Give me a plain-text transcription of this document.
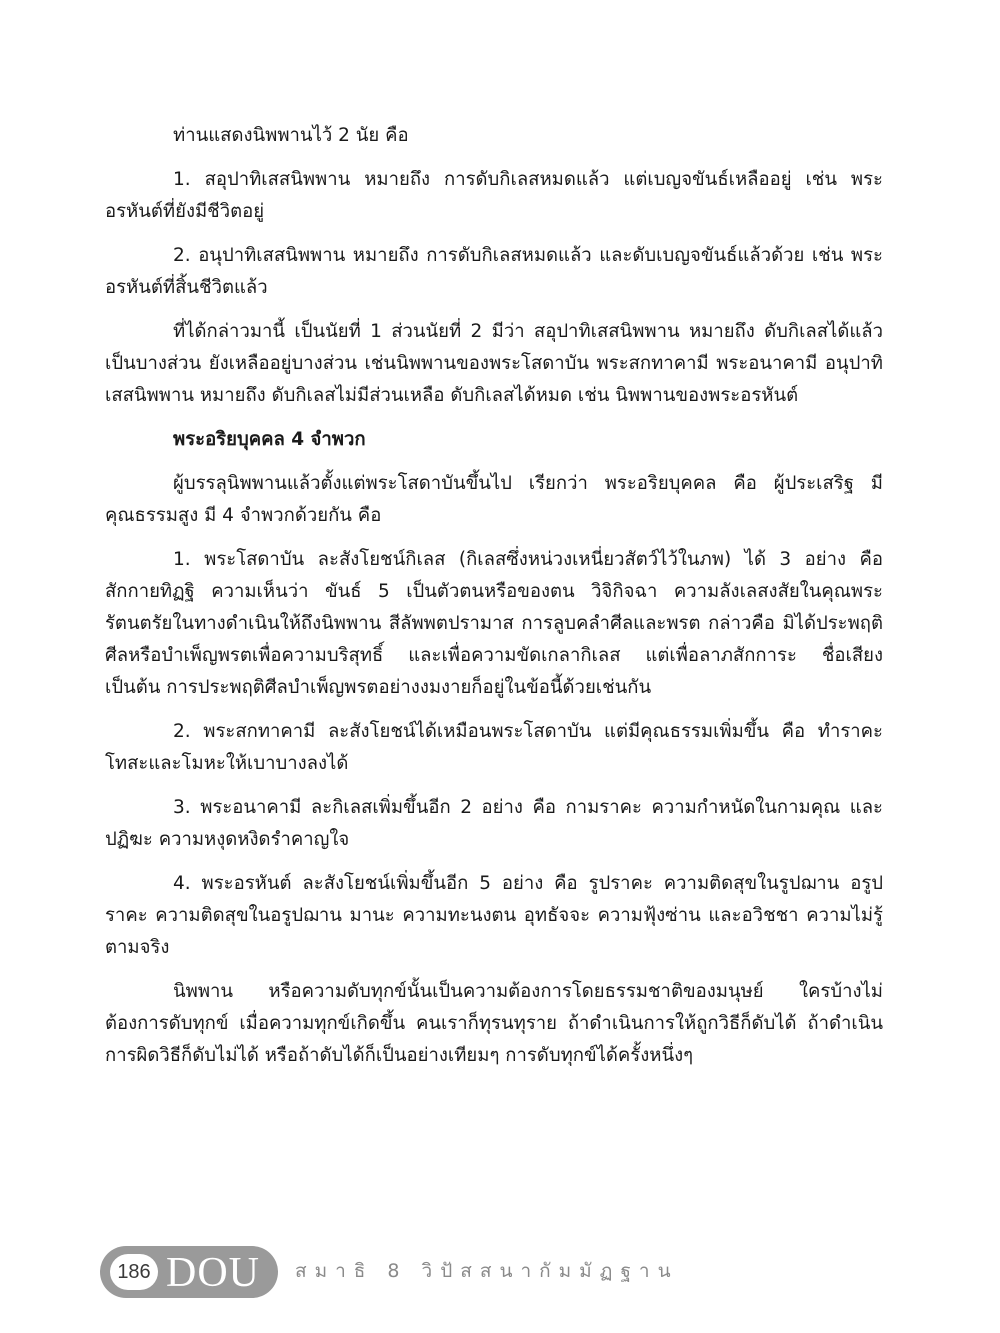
ท่านแสดงนิพพานไว้ 2 นัย คือ

1. สอุปาทิเสสนิพพาน หมายถึง การดับกิเลสหมดแล้ว แต่เบญจขันธ์เหลืออยู่ เช่น พระอรหันต์ที่ยังมีชีวิตอยู่

2. อนุปาทิเสสนิพพาน หมายถึง การดับกิเลสหมดแล้ว และดับเบญจขันธ์แล้วด้วย เช่น พระอรหันต์ที่สิ้นชีวิตแล้ว

ที่ได้กล่าวมานี้ เป็นนัยที่ 1 ส่วนนัยที่ 2 มีว่า สอุปาทิเสสนิพพาน หมายถึง ดับกิเลสได้แล้วเป็นบางส่วน ยังเหลืออยู่บางส่วน เช่นนิพพานของพระโสดาบัน พระสกทาคามี พระอนาคามี อนุปาทิเสสนิพพาน หมายถึง ดับกิเลสไม่มีส่วนเหลือ ดับกิเลสได้หมด เช่น นิพพานของพระอรหันต์

พระอริยบุคคล 4 จำพวก

ผู้บรรลุนิพพานแล้วตั้งแต่พระโสดาบันขึ้นไป เรียกว่า พระอริยบุคคล คือ ผู้ประเสริฐ มีคุณธรรมสูง มี 4 จำพวกด้วยกัน คือ

1. พระโสดาบัน ละสังโยชน์กิเลส (กิเลสซึ่งหน่วงเหนี่ยวสัตว์ไว้ในภพ) ได้ 3 อย่าง คือ สักกายทิฏฐิ ความเห็นว่า ขันธ์ 5 เป็นตัวตนหรือของตน วิจิกิจฉา ความลังเลสงสัยในคุณพระรัตนตรัยในทางดำเนินให้ถึงนิพพาน สีลัพพตปรามาส การลูบคลำศีลและพรต กล่าวคือ มิได้ประพฤติศีลหรือบำเพ็ญพรตเพื่อความบริสุทธิ์ และเพื่อความขัดเกลากิเลส แต่เพื่อลาภสักการะ ชื่อเสียง เป็นต้น การประพฤติศีลบำเพ็ญพรตอย่างงมงายก็อยู่ในข้อนี้ด้วยเช่นกัน

2. พระสกทาคามี ละสังโยชน์ได้เหมือนพระโสดาบัน แต่มีคุณธรรมเพิ่มขึ้น คือ ทำราคะ โทสะและโมหะให้เบาบางลงได้

3. พระอนาคามี ละกิเลสเพิ่มขึ้นอีก 2 อย่าง คือ กามราคะ ความกำหนัดในกามคุณ และปฏิฆะ ความหงุดหงิดรำคาญใจ

4. พระอรหันต์ ละสังโยชน์เพิ่มขึ้นอีก 5 อย่าง คือ รูปราคะ ความติดสุขในรูปฌาน อรูปราคะ ความติดสุขในอรูปฌาน มานะ ความทะนงตน อุทธัจจะ ความฟุ้งซ่าน และอวิชชา ความไม่รู้ตามจริง

นิพพาน หรือความดับทุกข์นั้นเป็นความต้องการโดยธรรมชาติของมนุษย์ ใครบ้างไม่ต้องการดับทุกข์ เมื่อความทุกข์เกิดขึ้น คนเราก็ทุรนทุราย ถ้าดำเนินการให้ถูกวิธีก็ดับได้ ถ้าดำเนินการผิดวิธีก็ดับไม่ได้ หรือถ้าดับได้ก็เป็นอย่างเทียมๆ การดับทุกข์ได้ครั้งหนึ่งๆ

186 DOU สมาธิ 8 วิปัสสนากัมมัฏฐาน
